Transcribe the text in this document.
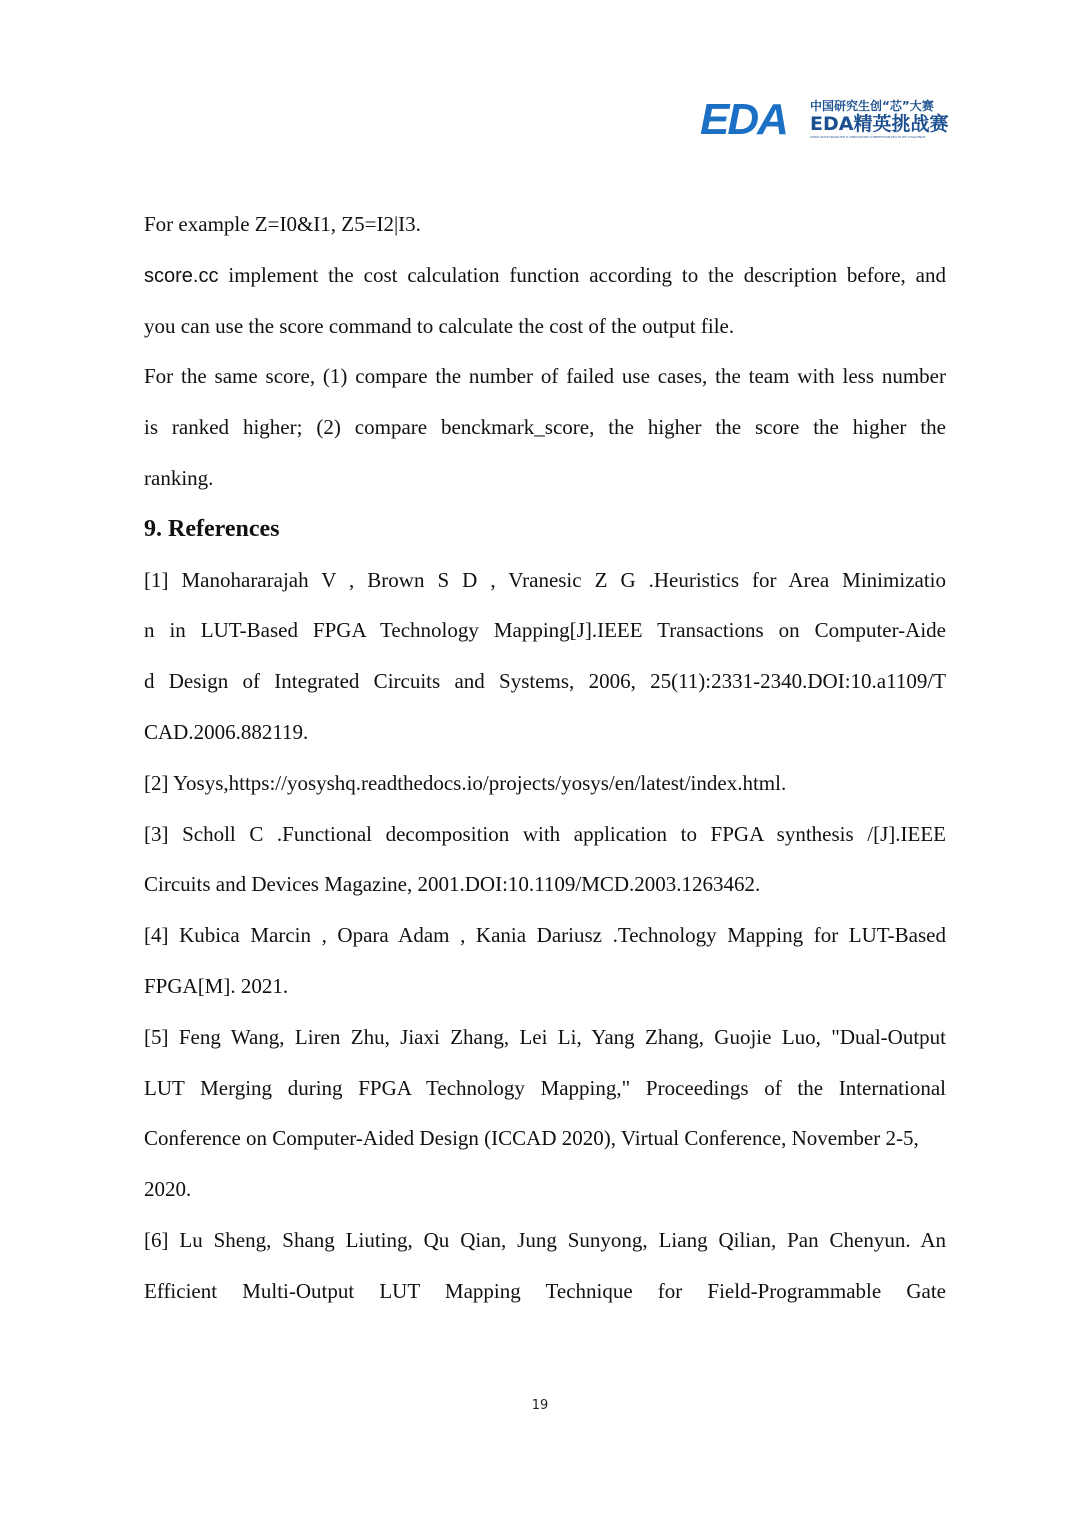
EDA 中国研究生创“芯”大赛
EDA精英挑战赛
CHINA POSTGRADUATE IC INNOVATION COMPETITION·EDA ELITE CHALLENGE
For example Z=I0&I1, Z5=I2|I3.
score.cc implement the cost calculation function according to the description before, and
you can use the score command to calculate the cost of the output file.
For the same score, (1) compare the number of failed use cases, the team with less number
is ranked higher; (2) compare benckmark_score, the higher the score the higher the
ranking.
9. References
[1] Manohararajah V , Brown S D , Vranesic Z G .Heuristics for Area Minimizatio
n in LUT-Based FPGA Technology Mapping[J].IEEE Transactions on Computer-Aide
d Design of Integrated Circuits and Systems, 2006, 25(11):2331-2340.DOI:10.a1109/T
CAD.2006.882119.
[2] Yosys,https://yosyshq.readthedocs.io/projects/yosys/en/latest/index.html.
[3] Scholl C .Functional decomposition with application to FPGA synthesis /[J].IEEE
Circuits and Devices Magazine, 2001.DOI:10.1109/MCD.2003.1263462.
[4] Kubica Marcin , Opara Adam , Kania Dariusz .Technology Mapping for LUT-Based
FPGA[M]. 2021.
[5] Feng Wang, Liren Zhu, Jiaxi Zhang, Lei Li, Yang Zhang, Guojie Luo, "Dual-Output
LUT Merging during FPGA Technology Mapping," Proceedings of the International
Conference on Computer-Aided Design (ICCAD 2020), Virtual Conference, November 2-5,
2020.
[6] Lu Sheng, Shang Liuting, Qu Qian, Jung Sunyong, Liang Qilian, Pan Chenyun. An
Efficient Multi-Output LUT Mapping Technique for Field-Programmable Gate
19
